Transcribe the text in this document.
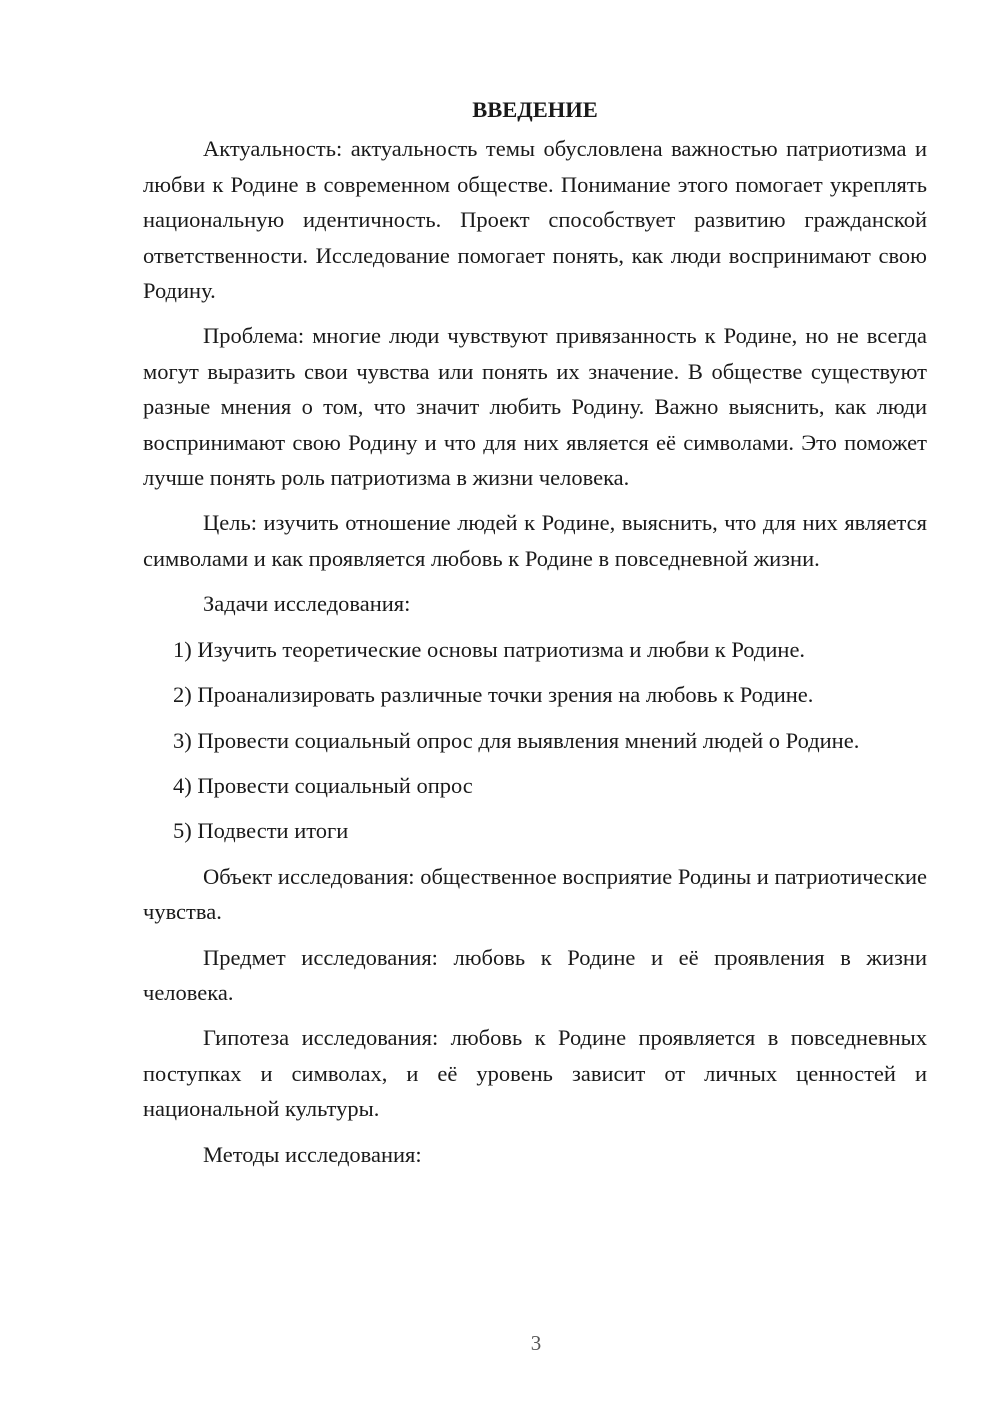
ВВЕДЕНИЕ

Актуальность: актуальность темы обусловлена важностью патриотизма и любви к Родине в современном обществе. Понимание этого помогает укреплять национальную идентичность. Проект способствует развитию гражданской ответственности. Исследование помогает понять, как люди воспринимают свою Родину.

Проблема: многие люди чувствуют привязанность к Родине, но не всегда могут выразить свои чувства или понять их значение. В обществе существуют разные мнения о том, что значит любить Родину. Важно выяснить, как люди воспринимают свою Родину и что для них является её символами. Это поможет лучше понять роль патриотизма в жизни человека.

Цель: изучить отношение людей к Родине, выяснить, что для них является символами и как проявляется любовь к Родине в повседневной жизни.

Задачи исследования:

1) Изучить теоретические основы патриотизма и любви к Родине.

2) Проанализировать различные точки зрения на любовь к Родине.

3) Провести социальный опрос для выявления мнений людей о Родине.

4) Провести социальный опрос

5) Подвести итоги

Объект исследования: общественное восприятие Родины и патриотические чувства.

Предмет исследования: любовь к Родине и её проявления в жизни человека.

Гипотеза исследования: любовь к Родине проявляется в повседневных поступках и символах, и её уровень зависит от личных ценностей и национальной культуры.

Методы исследования:

3
